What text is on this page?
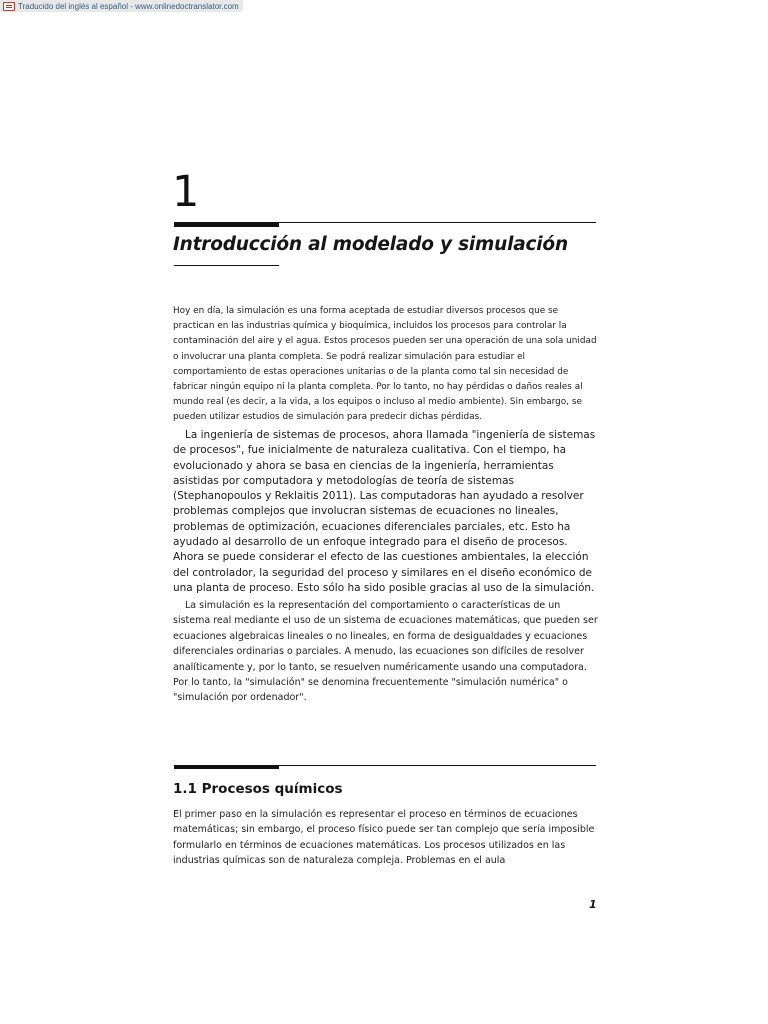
Traducido del inglés al español - www.onlinedoctranslator.com
1
Introducción al modelado y simulación

Hoy en día, la simulación es una forma aceptada de estudiar diversos procesos que se practican en las industrias química y bioquímica, incluidos los procesos para controlar la contaminación del aire y el agua. Estos procesos pueden ser una operación de una sola unidad o involucrar una planta completa. Se podrá realizar simulación para estudiar el comportamiento de estas operaciones unitarias o de la planta como tal sin necesidad de fabricar ningún equipo ni la planta completa. Por lo tanto, no hay pérdidas o daños reales al mundo real (es decir, a la vida, a los equipos o incluso al medio ambiente). Sin embargo, se pueden utilizar estudios de simulación para predecir dichas pérdidas.

La ingeniería de sistemas de procesos, ahora llamada "ingeniería de sistemas de procesos", fue inicialmente de naturaleza cualitativa. Con el tiempo, ha evolucionado y ahora se basa en ciencias de la ingeniería, herramientas asistidas por computadora y metodologías de teoría de sistemas (Stephanopoulos y Reklaitis 2011). Las computadoras han ayudado a resolver problemas complejos que involucran sistemas de ecuaciones no lineales, problemas de optimización, ecuaciones diferenciales parciales, etc. Esto ha ayudado al desarrollo de un enfoque integrado para el diseño de procesos. Ahora se puede considerar el efecto de las cuestiones ambientales, la elección del controlador, la seguridad del proceso y similares en el diseño económico de una planta de proceso. Esto sólo ha sido posible gracias al uso de la simulación.

La simulación es la representación del comportamiento o características de un sistema real mediante el uso de un sistema de ecuaciones matemáticas, que pueden ser ecuaciones algebraicas lineales o no lineales, en forma de desigualdades y ecuaciones diferenciales ordinarias o parciales. A menudo, las ecuaciones son difíciles de resolver analíticamente y, por lo tanto, se resuelven numéricamente usando una computadora. Por lo tanto, la "simulación" se denomina frecuentemente "simulación numérica" o "simulación por ordenador".

1.1 Procesos químicos

El primer paso en la simulación es representar el proceso en términos de ecuaciones matemáticas; sin embargo, el proceso físico puede ser tan complejo que sería imposible formularlo en términos de ecuaciones matemáticas. Los procesos utilizados en las industrias químicas son de naturaleza compleja. Problemas en el aula

1
